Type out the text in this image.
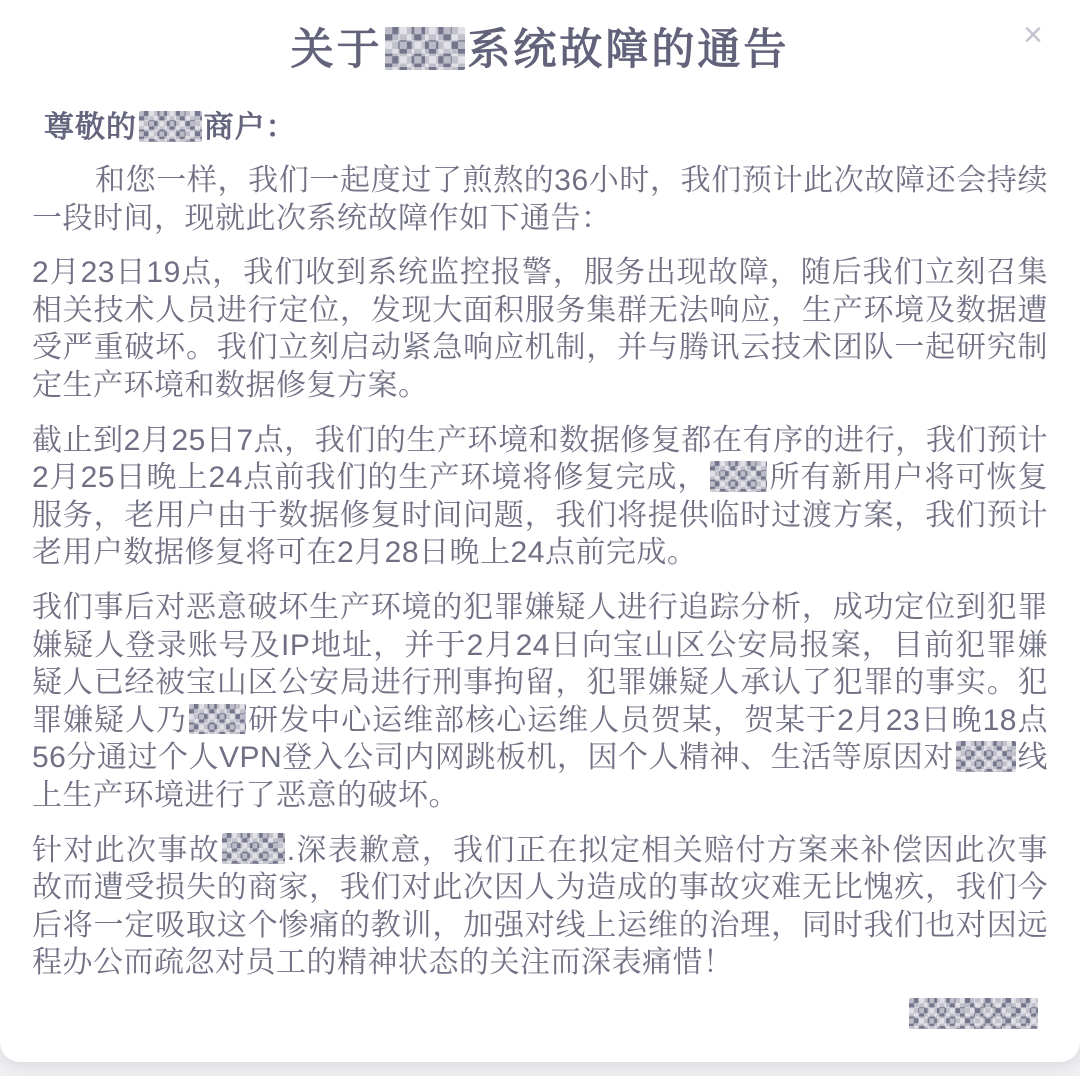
×
关于 系统故障的通告
尊敬的 商户：

和您一样，我们一起度过了煎熬的36小时，我们预计此次故障还会持续一段时间，现就此次系统故障作如下通告：

2月23日19点，我们收到系统监控报警，服务出现故障，随后我们立刻召集相关技术人员进行定位，发现大面积服务集群无法响应，生产环境及数据遭受严重破坏。我们立刻启动紧急响应机制，并与腾讯云技术团队一起研究制定生产环境和数据修复方案。

截止到2月25日7点，我们的生产环境和数据修复都在有序的进行，我们预计2月25日晚上24点前我们的生产环境将修复完成， 所有新用户将可恢复服务，老用户由于数据修复时间问题，我们将提供临时过渡方案，我们预计老用户数据修复将可在2月28日晚上24点前完成。

我们事后对恶意破坏生产环境的犯罪嫌疑人进行追踪分析，成功定位到犯罪嫌疑人登录账号及IP地址，并于2月24日向宝山区公安局报案，目前犯罪嫌疑人已经被宝山区公安局进行刑事拘留，犯罪嫌疑人承认了犯罪的事实。犯罪嫌疑人乃 研发中心运维部核心运维人员贺某，贺某于2月23日晚18点56分通过个人VPN登入公司内网跳板机，因个人精神、生活等原因对 线上生产环境进行了恶意的破坏。

针对此次事故 .深表歉意，我们正在拟定相关赔付方案来补偿因此次事故而遭受损失的商家，我们对此次因人为造成的事故灾难无比愧疚，我们今后将一定吸取这个惨痛的教训，加强对线上运维的治理，同时我们也对因远程办公而疏忽对员工的精神状态的关注而深表痛惜！
